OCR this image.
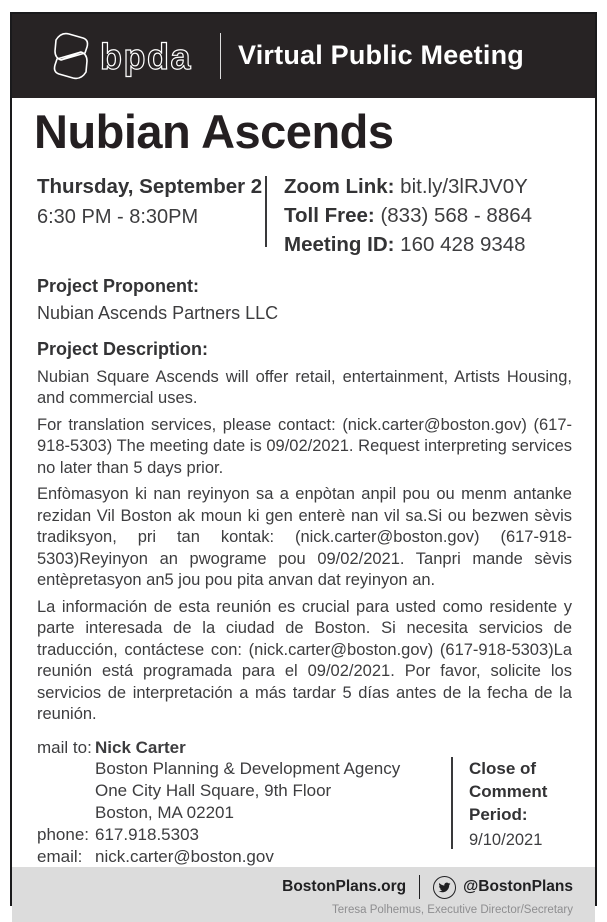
bpda Virtual Public Meeting
Nubian Ascends
Thursday, September 2
6:30 PM - 8:30PM
Zoom Link: bit.ly/3lRJV0Y
Toll Free: (833) 568 - 8864
Meeting ID: 160 428 9348
Project Proponent:
Nubian Ascends Partners LLC
Project Description:

Nubian Square Ascends will offer retail, entertainment, Artists Housing, and commercial uses.

For translation services, please contact: (nick.carter@boston.gov) (617-918-5303) The meeting date is 09/02/2021. Request interpreting services no later than 5 days prior.

Enfòmasyon ki nan reyinyon sa a enpòtan anpil pou ou menm antanke rezidan Vil Boston ak moun ki gen enterè nan vil sa.Si ou bezwen sèvis tradiksyon, pri tan kontak: (nick.carter@boston.gov) (617-918-5303)Reyinyon an pwograme pou 09/02/2021. Tanpri mande sèvis entèpretasyon an5 jou pou pita anvan dat reyinyon an.

La información de esta reunión es crucial para usted como residente y parte interesada de la ciudad de Boston. Si necesita servicios de traducción, contáctese con: (nick.carter@boston.gov) (617-918-5303)La reunión está programada para el 09/02/2021. Por favor, solicite los servicios de interpretación a más tardar 5 días antes de la fecha de la reunión.

mail to: Nick Carter
Boston Planning & Development Agency
One City Hall Square, 9th Floor
Boston, MA 02201
phone: 617.918.5303
email: nick.carter@boston.gov
Close of Comment Period:
9/10/2021
BostonPlans.org	@BostonPlans
Teresa Polhemus, Executive Director/Secretary
